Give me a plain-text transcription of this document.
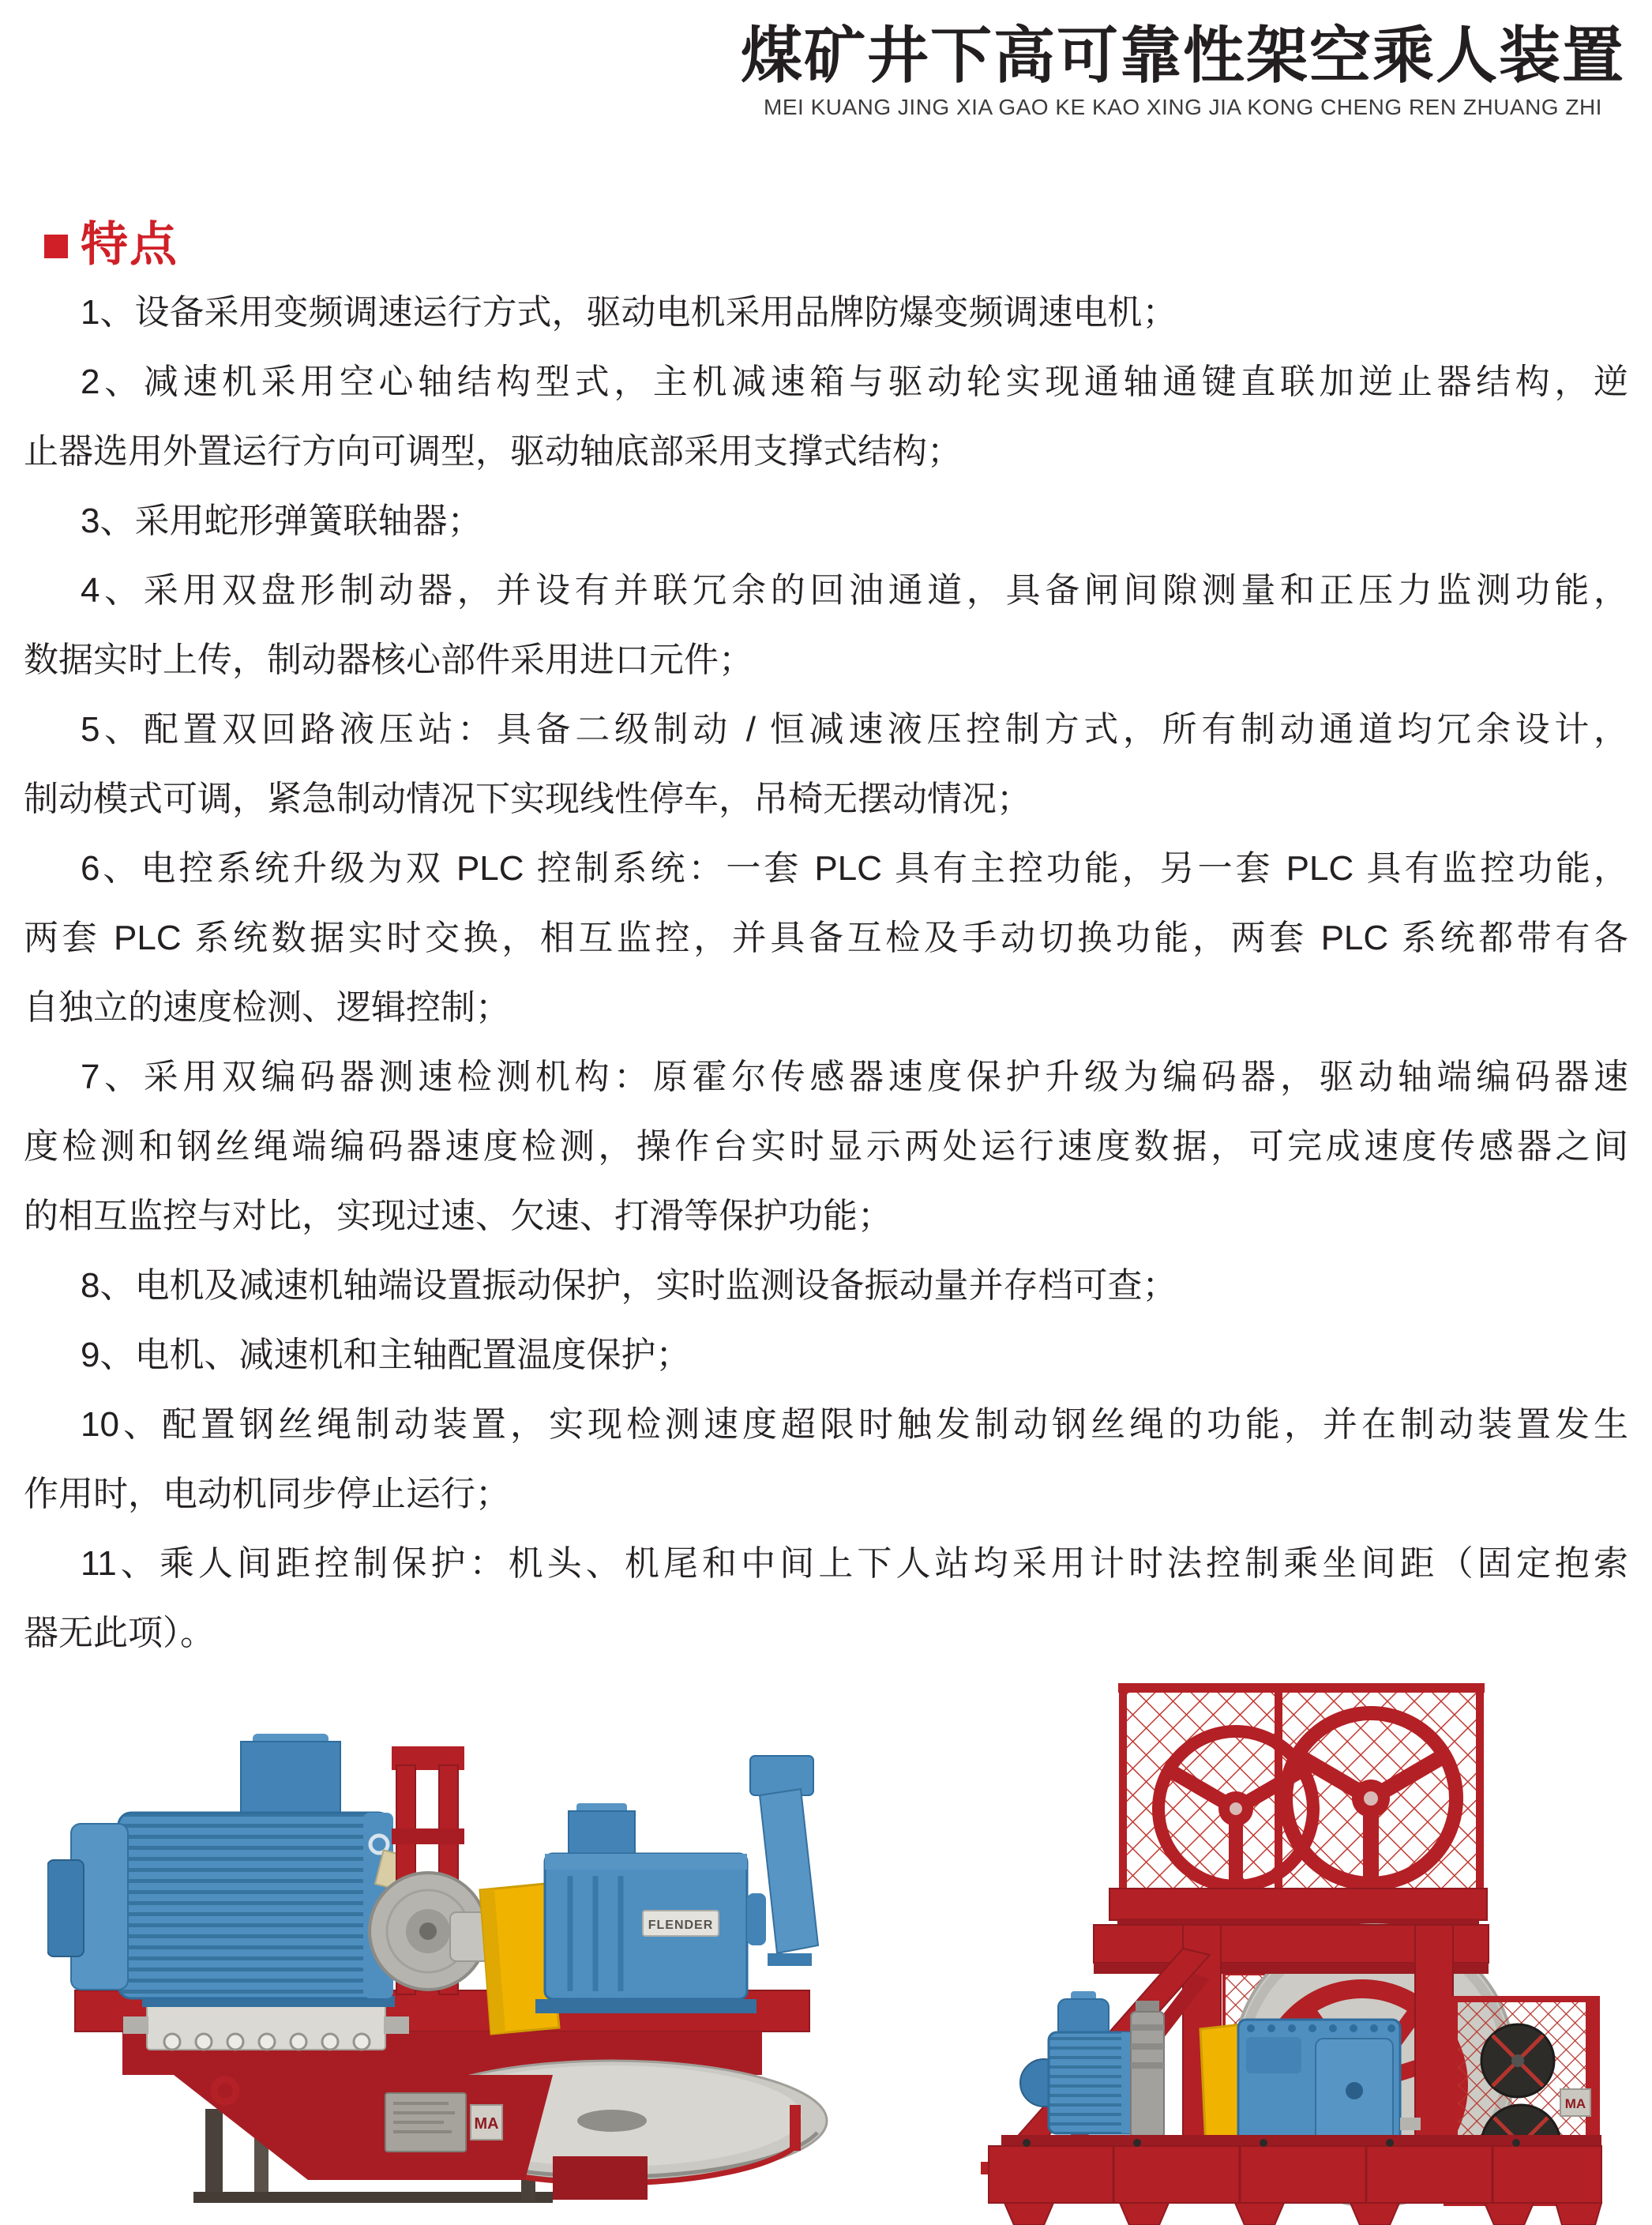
煤矿井下高可靠性架空乘人装置
MEI KUANG JING XIA GAO KE KAO XING JIA KONG CHENG REN ZHUANG ZHI
特点
1、设备采用变频调速运行方式，驱动电机采用品牌防爆变频调速电机；
2、减速机采用空心轴结构型式，主机减速箱与驱动轮实现通轴通键直联加逆止器结构，逆
止器选用外置运行方向可调型，驱动轴底部采用支撑式结构；
3、采用蛇形弹簧联轴器；
4、采用双盘形制动器，并设有并联冗余的回油通道，具备闸间隙测量和正压力监测功能，
数据实时上传，制动器核心部件采用进口元件；
5、配置双回路液压站：具备二级制动 / 恒减速液压控制方式，所有制动通道均冗余设计，
制动模式可调，紧急制动情况下实现线性停车，吊椅无摆动情况；
6、电控系统升级为双 PLC 控制系统：一套 PLC 具有主控功能，另一套 PLC 具有监控功能，
两套 PLC 系统数据实时交换，相互监控，并具备互检及手动切换功能，两套 PLC 系统都带有各
自独立的速度检测、逻辑控制；
7、采用双编码器测速检测机构：原霍尔传感器速度保护升级为编码器，驱动轴端编码器速
度检测和钢丝绳端编码器速度检测，操作台实时显示两处运行速度数据，可完成速度传感器之间
的相互监控与对比，实现过速、欠速、打滑等保护功能；
8、电机及减速机轴端设置振动保护，实时监测设备振动量并存档可查；
9、电机、减速机和主轴配置温度保护；
10、配置钢丝绳制动装置，实现检测速度超限时触发制动钢丝绳的功能，并在制动装置发生
作用时，电动机同步停止运行；
11、乘人间距控制保护：机头、机尾和中间上下人站均采用计时法控制乘坐间距（固定抱索
器无此项）。
MA
FLENDER
MA
